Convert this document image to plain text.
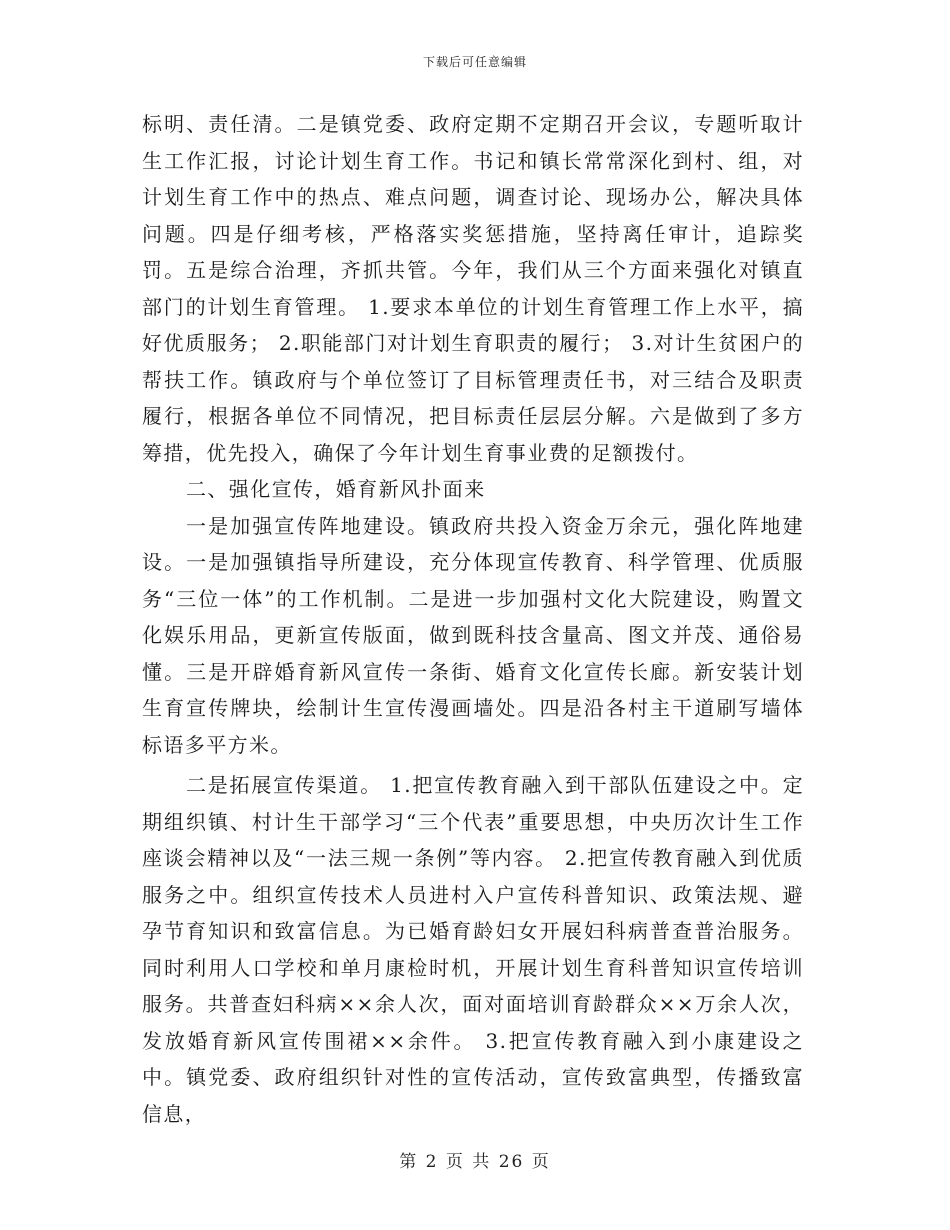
下载后可任意编辑

标明、责任清。二是镇党委、政府定期不定期召开会议，专题听取计生工作汇报，讨论计划生育工作。书记和镇长常常深化到村、组，对计划生育工作中的热点、难点问题，调查讨论、现场办公，解决具体问题。四是仔细考核，严格落实奖惩措施，坚持离任审计，追踪奖罚。五是综合治理，齐抓共管。今年，我们从三个方面来强化对镇直部门的计划生育管理。 1.要求本单位的计划生育管理工作上水平，搞好优质服务； 2.职能部门对计划生育职责的履行； 3.对计生贫困户的帮扶工作。镇政府与个单位签订了目标管理责任书，对三结合及职责履行，根据各单位不同情况，把目标责任层层分解。六是做到了多方筹措，优先投入，确保了今年计划生育事业费的足额拨付。

二、强化宣传，婚育新风扑面来

一是加强宣传阵地建设。镇政府共投入资金万余元，强化阵地建设。一是加强镇指导所建设，充分体现宣传教育、科学管理、优质服务“三位一体”的工作机制。二是进一步加强村文化大院建设，购置文化娱乐用品，更新宣传版面，做到既科技含量高、图文并茂、通俗易懂。三是开辟婚育新风宣传一条街、婚育文化宣传长廊。新安装计划生育宣传牌块，绘制计生宣传漫画墙处。四是沿各村主干道刷写墙体标语多平方米。

二是拓展宣传渠道。 1.把宣传教育融入到干部队伍建设之中。定期组织镇、村计生干部学习“三个代表”重要思想，中央历次计生工作座谈会精神以及“一法三规一条例”等内容。 2.把宣传教育融入到优质服务之中。组织宣传技术人员进村入户宣传科普知识、政策法规、避孕节育知识和致富信息。为已婚育龄妇女开展妇科病普查普治服务。同时利用人口学校和单月康检时机，开展计划生育科普知识宣传培训服务。共普查妇科病××余人次，面对面培训育龄群众××万余人次，发放婚育新风宣传围裙××余件。 3.把宣传教育融入到小康建设之中。镇党委、政府组织针对性的宣传活动，宣传致富典型，传播致富信息，

第 2 页 共 26 页
